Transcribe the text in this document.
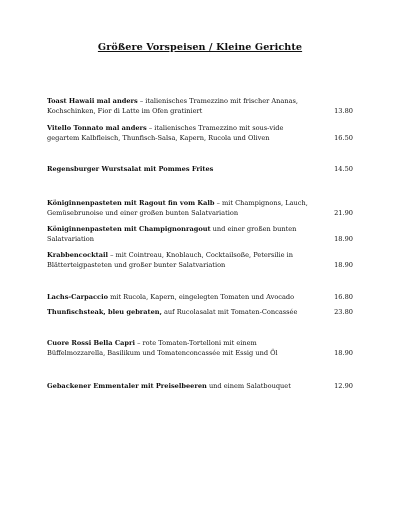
Größere Vorspeisen / Kleine Gerichte
Toast Hawaii mal anders – italienisches Tramezzino mit frischer Ananas, Kochschinken, Fior di Latte im Ofen gratiniert	13.80
Vitello Tonnato mal anders – italienisches Tramezzino mit sous-vide gegartem Kalbfleisch, Thunfisch-Salsa, Kapern, Rucola und Oliven	16.50
Regensburger Wurstsalat mit Pommes Frites	14.50
Königinnenpasteten mit Ragout fin vom Kalb – mit Champignons, Lauch, Gemüsebrunoise und einer großen bunten Salatvariation	21.90
Königinnenpasteten mit Champignonragout und einer großen bunten Salatvariation	18.90
Krabbencocktail – mit Cointreau, Knoblauch, Cocktailsoße, Petersilie in Blätterteigpasteten und großer bunter Salatvariation	18.90
Lachs-Carpaccio mit Rucola, Kapern, eingelegten Tomaten und Avocado	16.80
Thunfischsteak, bleu gebraten, auf Rucolasalat mit Tomaten-Concassée	23.80
Cuore Rossi Bella Capri – rote Tomaten-Tortelloni mit einem Büffelmozzarella, Basilikum und Tomatenconcassée mit Essig und Öl	18.90
Gebackener Emmentaler mit Preiselbeeren und einem Salatbouquet	12.90
